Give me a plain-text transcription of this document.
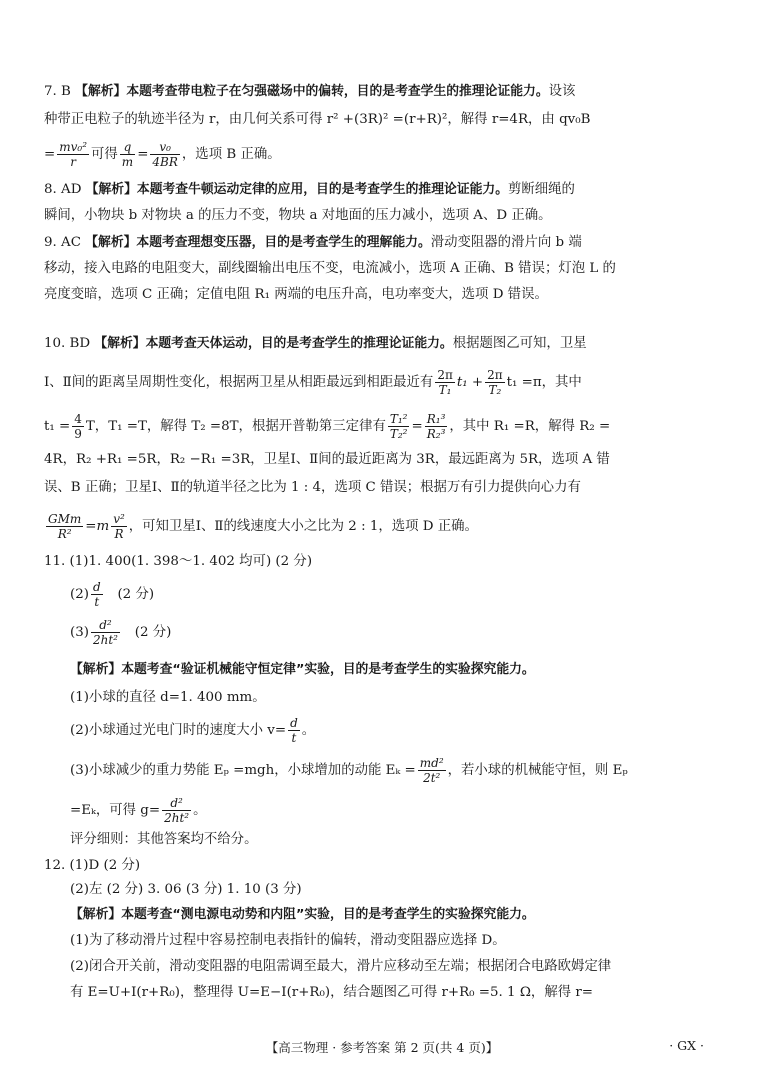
7. B 【解析】本题考查带电粒子在匀强磁场中的偏转，目的是考查学生的推理论证能力。设该
种带正电粒子的轨迹半径为 r，由几何关系可得 r² +(3R)² =(r+R)²，解得 r=4R，由 qv₀B
= $\frac{\text{mv₀²}}{r}$ 可得 $\frac{q}{m} = \frac{\text{v₀}}{4BR}$ ，选项 B 正确。
8. AD 【解析】本题考查牛顿运动定律的应用，目的是考查学生的推理论证能力。剪断细绳的
瞬间，小物块 b 对物块 a 的压力不变，物块 a 对地面的压力减小，选项 A、D 正确。
9. AC 【解析】本题考查理想变压器，目的是考查学生的理解能力。滑动变阻器的滑片向 b 端
移动，接入电路的电阻变大，副线圈输出电压不变，电流减小，选项 A 正确、B 错误；灯泡 L 的
亮度变暗，选项 C 正确；定值电阻 R₁ 两端的电压升高，电功率变大，选项 D 错误。
10. BD 【解析】本题考查天体运动，目的是考查学生的推理论证能力。根据题图乙可知，卫星
Ⅰ、Ⅱ间的距离呈周期性变化，根据两卫星从相距最远到相距最近有 $\frac{2\pi}{\text{T₁}} t_1 + \frac{2\pi}{\text{T₂}} t_1 =\pi$，其中
$t_1 = \frac{4}{9}$ T，T₁ =T，解得 T₂ =8T，根据开普勒第三定律有 $\frac{\text{T₁²}}{\text{T₂²}} = \frac{\text{R₁³}}{\text{R₂³}}$ ，其中 R₁ =R，解得 R₂ =
4R，R₂ +R₁ =5R，R₂ −R₁ =3R，卫星Ⅰ、Ⅱ间的最近距离为 3R，最远距离为 5R，选项 A 错
误、B 正确；卫星Ⅰ、Ⅱ的轨道半径之比为 1 : 4，选项 C 错误；根据万有引力提供向心力有
$\frac{\text{GMm}}{\text{R²}} =m \frac{\text{v²}}{R}$ ，可知卫星Ⅰ、Ⅱ的线速度大小之比为 2 : 1，选项 D 正确。
11. (1)1. 400(1. 398～1. 402 均可) (2 分)
$(2) \frac{d}{t} (2$ 分)
$(3) \frac{\text{d²}}{\text{2ht²}} (2$ 分)
【解析】本题考查“验证机械能守恒定律”实验，目的是考查学生的实验探究能力。
(1)小球的直径 d=1. 400 mm。
(2)小球通过光电门时的速度大小 $v= \frac{d}{t}$ 。
(3)小球减少的重力势能 Eₚ =mgh，小球增加的动能 $E_k = \frac{\text{md²}}{\text{2t²}}$ ，若小球的机械能守恒，则 Eₚ
=Eₖ，可得 $g= \frac{\text{d²}}{\text{2ht²}}$ 。
评分细则：其他答案均不给分。
12. (1)D (2 分)
(2)左 (2 分) 3. 06 (3 分) 1. 10 (3 分)
【解析】本题考查“测电源电动势和内阻”实验，目的是考查学生的实验探究能力。
(1)为了移动滑片过程中容易控制电表指针的偏转，滑动变阻器应选择 D。
(2)闭合开关前，滑动变阻器的电阻需调至最大，滑片应移动至左端；根据闭合电路欧姆定律
有 E=U+I(r+R₀)，整理得 U=E−I(r+R₀)，结合题图乙可得 r+R₀ =5. 1 Ω，解得 r=
【高三物理 · 参考答案 第 2 页(共 4 页)】	· GX ·
